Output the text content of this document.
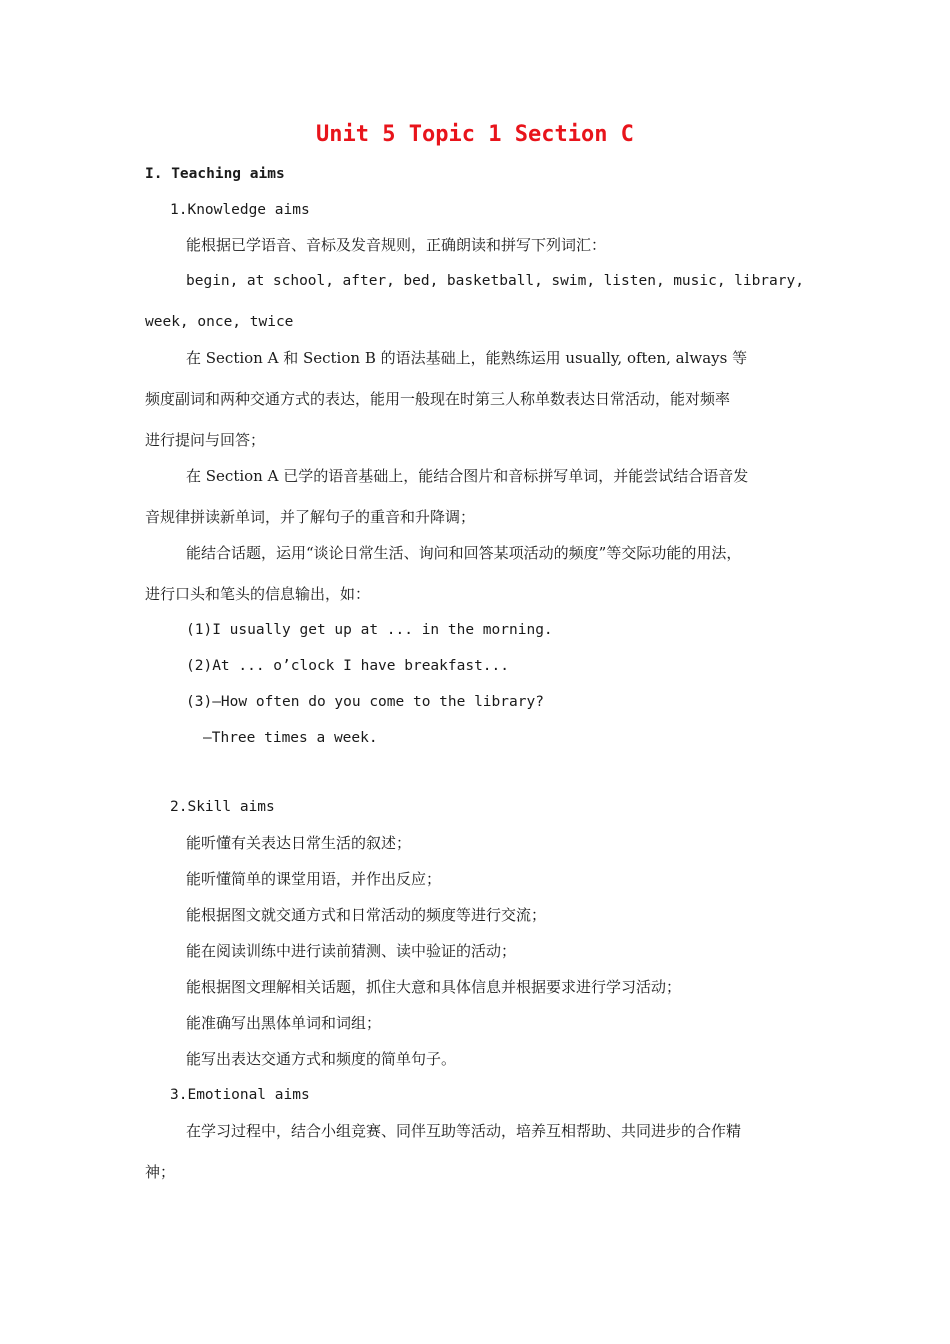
Unit 5 Topic 1 Section C
I. Teaching aims
1.Knowledge aims
能根据已学语音、音标及发音规则，正确朗读和拼写下列词汇：
begin, at school, after, bed, basketball, swim, listen, music, library,
week, once, twice
在 Section A 和 Section B 的语法基础上，能熟练运用 usually, often, always 等
频度副词和两种交通方式的表达，能用一般现在时第三人称单数表达日常活动，能对频率
进行提问与回答；
在 Section A 已学的语音基础上，能结合图片和音标拼写单词，并能尝试结合语音发
音规律拼读新单词，并了解句子的重音和升降调；
能结合话题，运用“谈论日常生活、询问和回答某项活动的频度”等交际功能的用法，
进行口头和笔头的信息输出，如：
(1)I usually get up at ... in the morning.
(2)At ... o’clock I have breakfast...
(3)—How often do you come to the library?
—Three times a week.
2.Skill aims
能听懂有关表达日常生活的叙述；
能听懂简单的课堂用语，并作出反应；
能根据图文就交通方式和日常活动的频度等进行交流；
能在阅读训练中进行读前猜测、读中验证的活动；
能根据图文理解相关话题，抓住大意和具体信息并根据要求进行学习活动；
能准确写出黑体单词和词组；
能写出表达交通方式和频度的简单句子。
3.Emotional aims
在学习过程中，结合小组竞赛、同伴互助等活动，培养互相帮助、共同进步的合作精
神；
